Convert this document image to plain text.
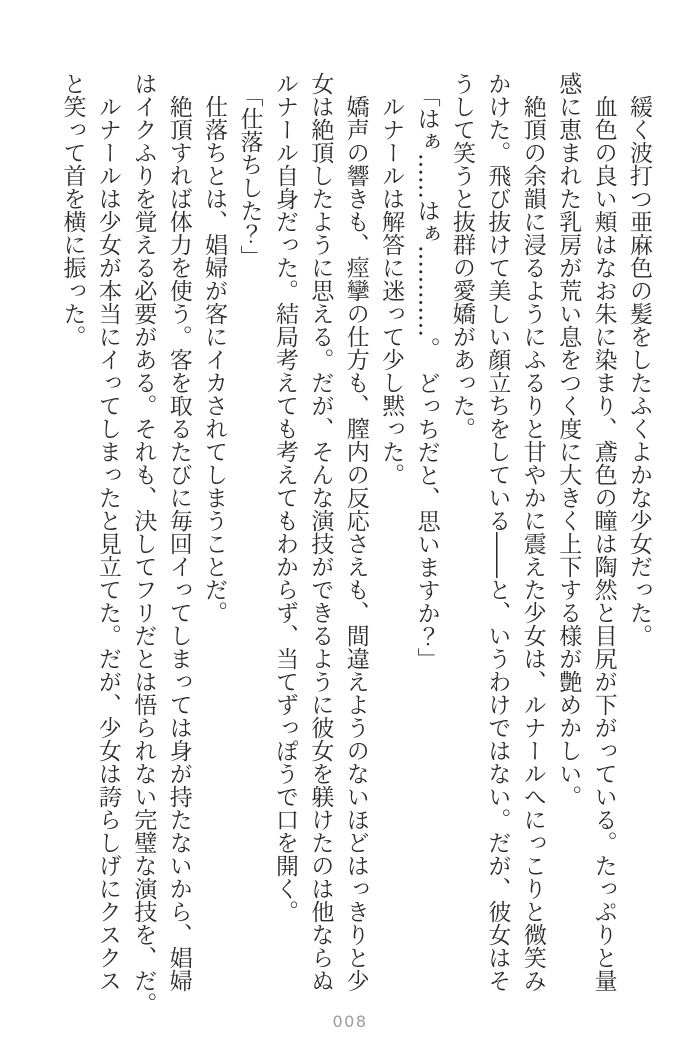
緩く波打つ亜麻色の髪をしたふくよかな少女だった。
血色の良い頬はなお朱に染まり、鳶色の瞳は陶然と目尻が下がっている。たっぷりと量
感に恵まれた乳房が荒い息をつく度に大きく上下する様が艶めかしい。
絶頂の余韻に浸るようにふるりと甘やかに震えた少女は、ルナールへにっこりと微笑み
かけた。飛び抜けて美しい顔立ちをしている――と、いうわけではない。だが、彼女はそ
うして笑うと抜群の愛嬌があった。
「はぁ……はぁ…………。　どっちだと、思いますか？」
ルナールは解答に迷って少し黙った。
嬌声の響きも、痙攣の仕方も、膣内の反応さえも、間違えようのないほどはっきりと少
女は絶頂したように思える。だが、そんな演技ができるように彼女を躾けたのは他ならぬ
ルナール自身だった。結局考えても考えてもわからず、当てずっぽうで口を開く。
「仕落ちした？」
仕落ちとは、娼婦が客にイカされてしまうことだ。
絶頂すれば体力を使う。客を取るたびに毎回イってしまっては身が持たないから、娼婦
はイクふりを覚える必要がある。それも、決してフリだとは悟られない完璧な演技を、だ。
ルナールは少女が本当にイってしまったと見立てた。だが、少女は誇らしげにクスクス
と笑って首を横に振った。
008
